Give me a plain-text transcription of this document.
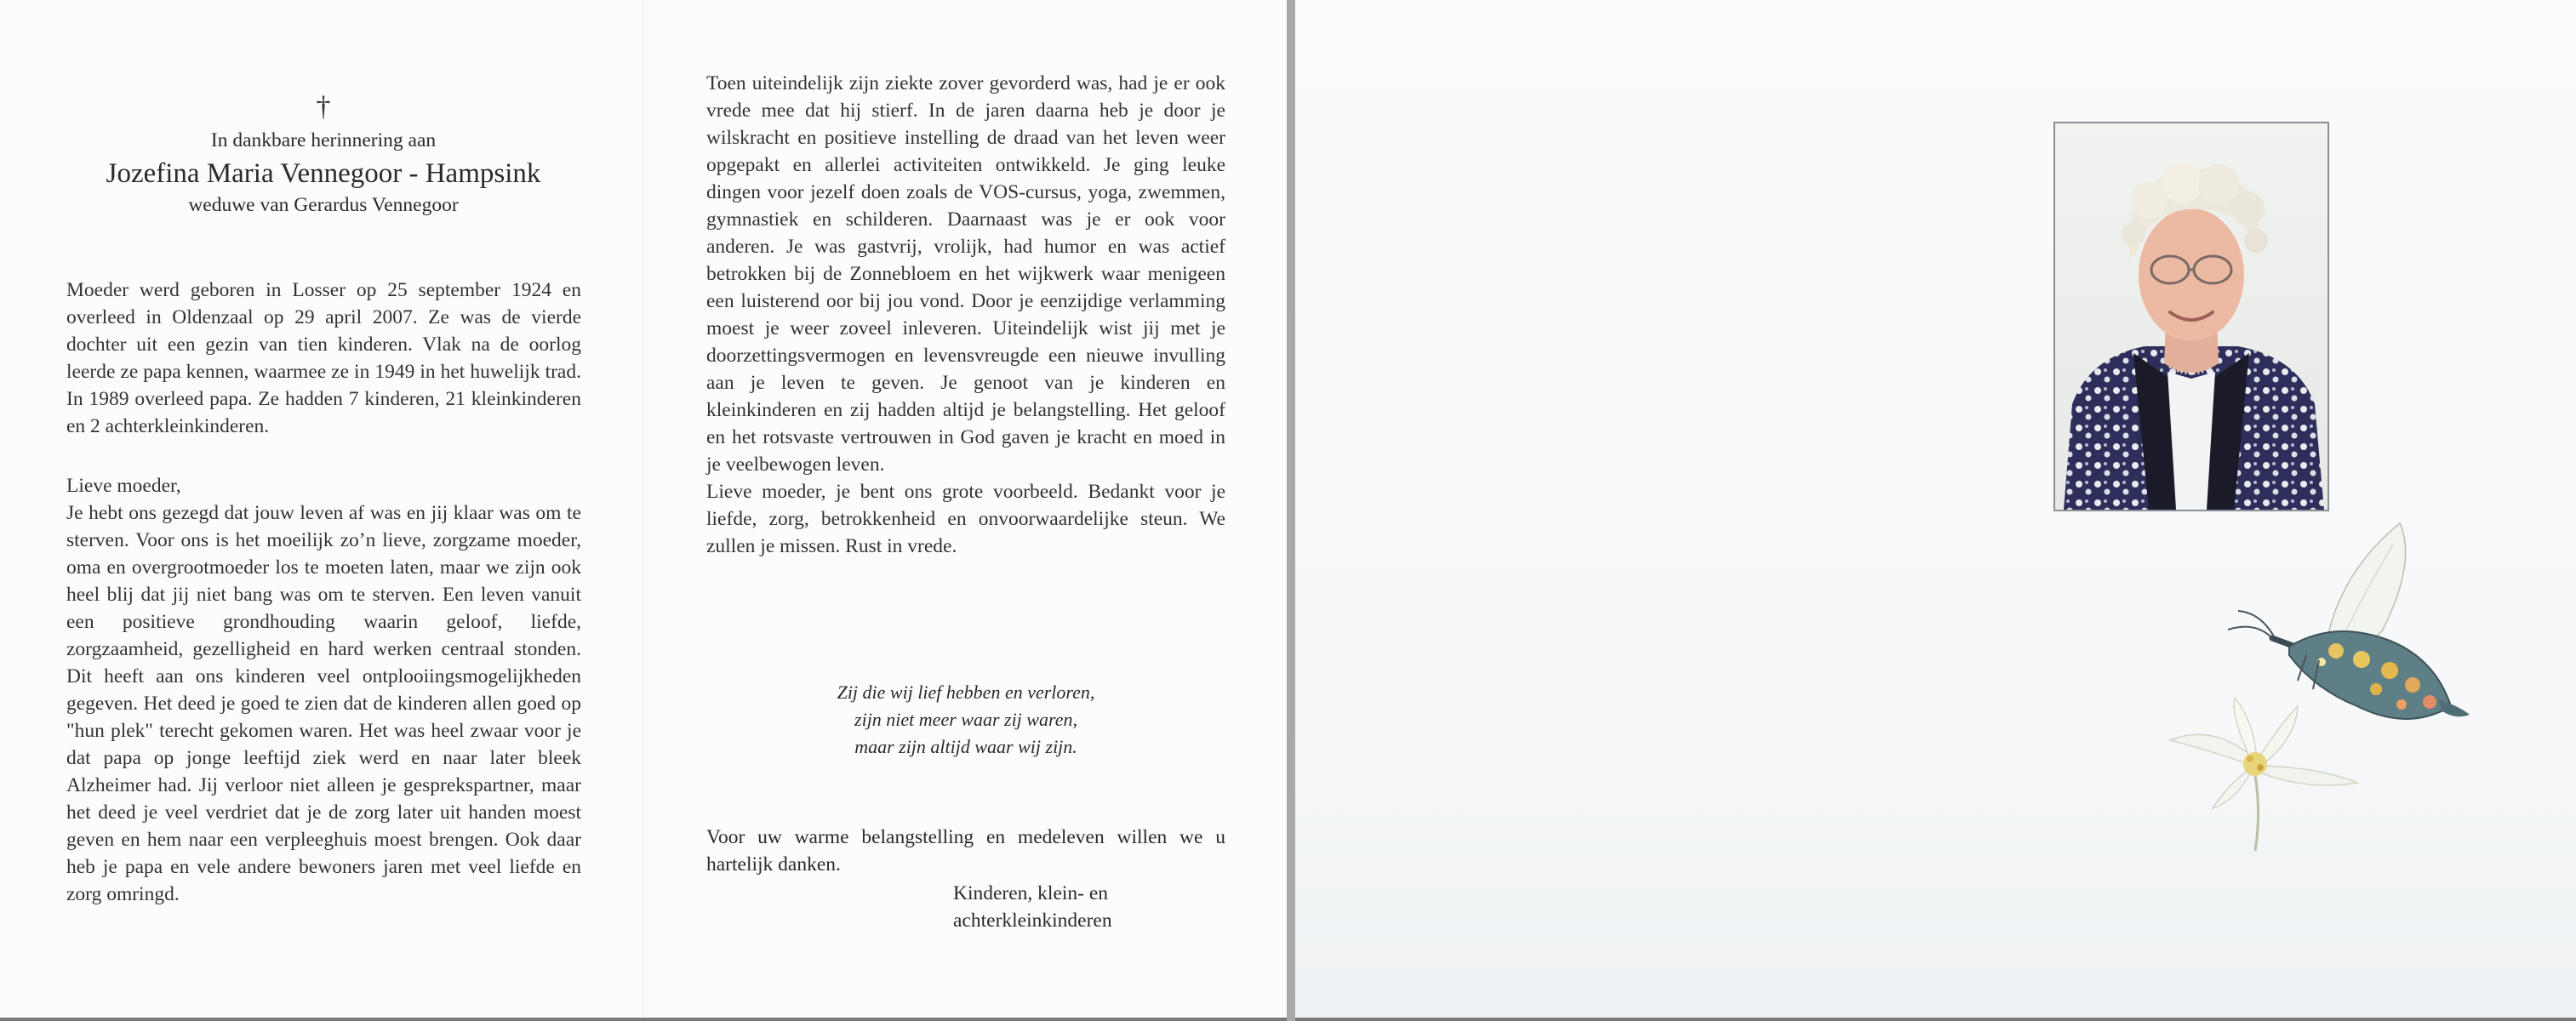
†
In dankbare herinnering aan
Jozefina Maria Vennegoor - Hampsink
weduwe van Gerardus Vennegoor

Moeder werd geboren in Losser op 25 september 1924 en overleed in Oldenzaal op 29 april 2007. Ze was de vierde dochter uit een gezin van tien kinderen. Vlak na de oorlog leerde ze papa kennen, waarmee ze in 1949 in het huwelijk trad. In 1989 overleed papa. Ze hadden 7 kinderen, 21 kleinkinderen en 2 achterkleinkinderen.

Lieve moeder,

Je hebt ons gezegd dat jouw leven af was en jij klaar was om te sterven. Voor ons is het moeilijk zo’n lieve, zorgzame moeder, oma en overgrootmoeder los te moeten laten, maar we zijn ook heel blij dat jij niet bang was om te sterven. Een leven vanuit een positieve grondhouding waarin geloof, liefde, zorgzaamheid, gezelligheid en hard werken centraal stonden. Dit heeft aan ons kinderen veel ontplooiingsmogelijkheden gegeven. Het deed je goed te zien dat de kinderen allen goed op "hun plek" terecht gekomen waren. Het was heel zwaar voor je dat papa op jonge leeftijd ziek werd en naar later bleek Alzheimer had. Jij verloor niet alleen je gesprekspartner, maar het deed je veel verdriet dat je de zorg later uit handen moest geven en hem naar een verpleeghuis moest brengen. Ook daar heb je papa en vele andere bewoners jaren met veel liefde en zorg omringd.

Toen uiteindelijk zijn ziekte zover gevorderd was, had je er ook vrede mee dat hij stierf. In de jaren daarna heb je door je wilskracht en positieve instelling de draad van het leven weer opgepakt en allerlei activiteiten ontwikkeld. Je ging leuke dingen voor jezelf doen zoals de VOS-cursus, yoga, zwemmen, gymnastiek en schilderen. Daarnaast was je er ook voor anderen. Je was gastvrij, vrolijk, had humor en was actief betrokken bij de Zonnebloem en het wijkwerk waar menigeen een luisterend oor bij jou vond. Door je eenzijdige verlamming moest je weer zoveel inleveren. Uiteindelijk wist jij met je doorzettingsvermogen en levensvreugde een nieuwe invulling aan je leven te geven. Je genoot van je kinderen en kleinkinderen en zij hadden altijd je belangstelling. Het geloof en het rotsvaste vertrouwen in God gaven je kracht en moed in je veelbewogen leven.

Lieve moeder, je bent ons grote voorbeeld. Bedankt voor je liefde, zorg, betrokkenheid en onvoorwaardelijke steun. We zullen je missen. Rust in vrede.

Zij die wij lief hebben en verloren,
zijn niet meer waar zij waren,
maar zijn altijd waar wij zijn.
Voor uw warme belangstelling en medeleven willen we u hartelijk danken.
Kinderen, klein- en
achterkleinkinderen
